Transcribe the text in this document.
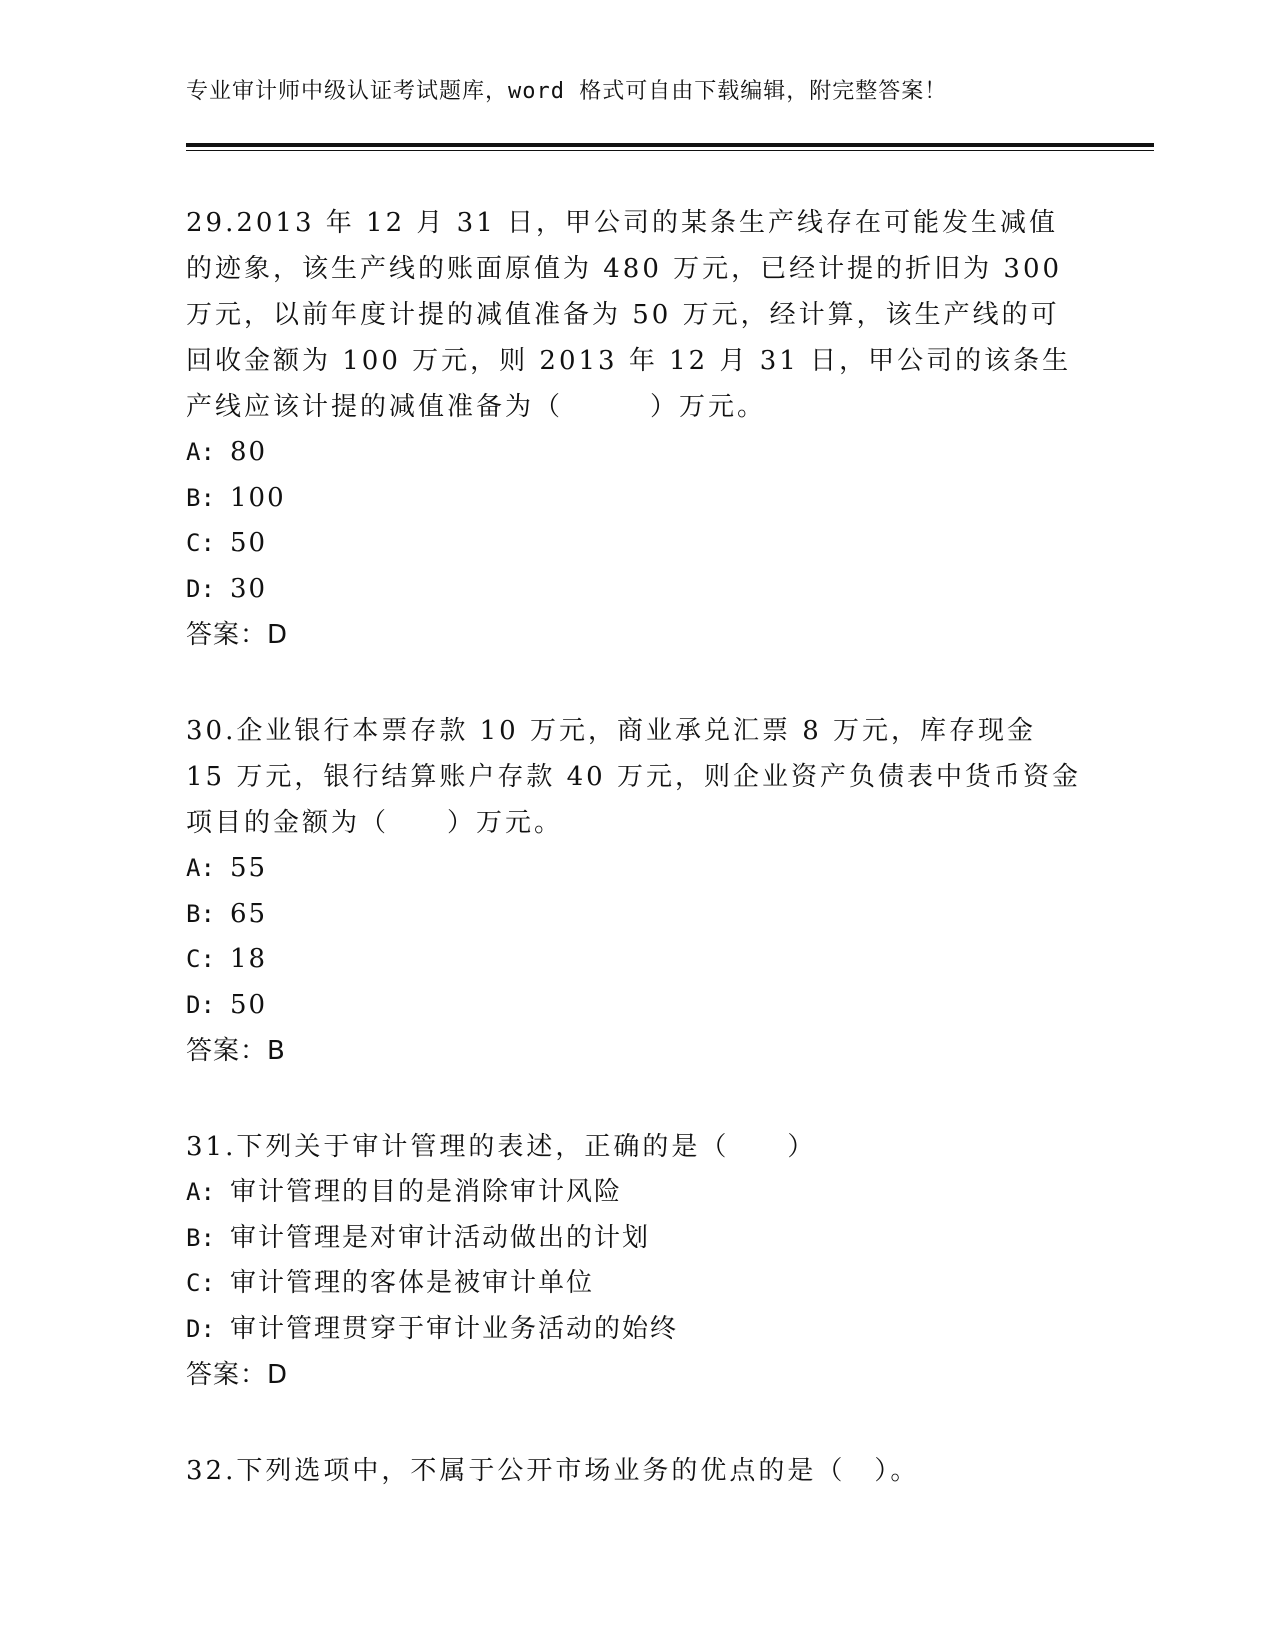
专业审计师中级认证考试题库，word 格式可自由下载编辑，附完整答案！

29.2013 年 12 月 31 日，甲公司的某条生产线存在可能发生减值的迹象，该生产线的账面原值为 480 万元，已经计提的折旧为 300 万元，以前年度计提的减值准备为 50 万元，经计算，该生产线的可回收金额为 100 万元，则 2013 年 12 月 31 日，甲公司的该条生产线应该计提的减值准备为（　　　）万元。

A: 80

B: 100

C: 50

D: 30

答案：D

30.企业银行本票存款 10 万元，商业承兑汇票 8 万元，库存现金 15 万元，银行结算账户存款 40 万元，则企业资产负债表中货币资金项目的金额为（　　）万元。

A: 55

B: 65

C: 18

D: 50

答案：B

31.下列关于审计管理的表述，正确的是（　　）

A: 审计管理的目的是消除审计风险

B: 审计管理是对审计活动做出的计划

C: 审计管理的客体是被审计单位

D: 审计管理贯穿于审计业务活动的始终

答案：D

32.下列选项中，不属于公开市场业务的优点的是（　）。
